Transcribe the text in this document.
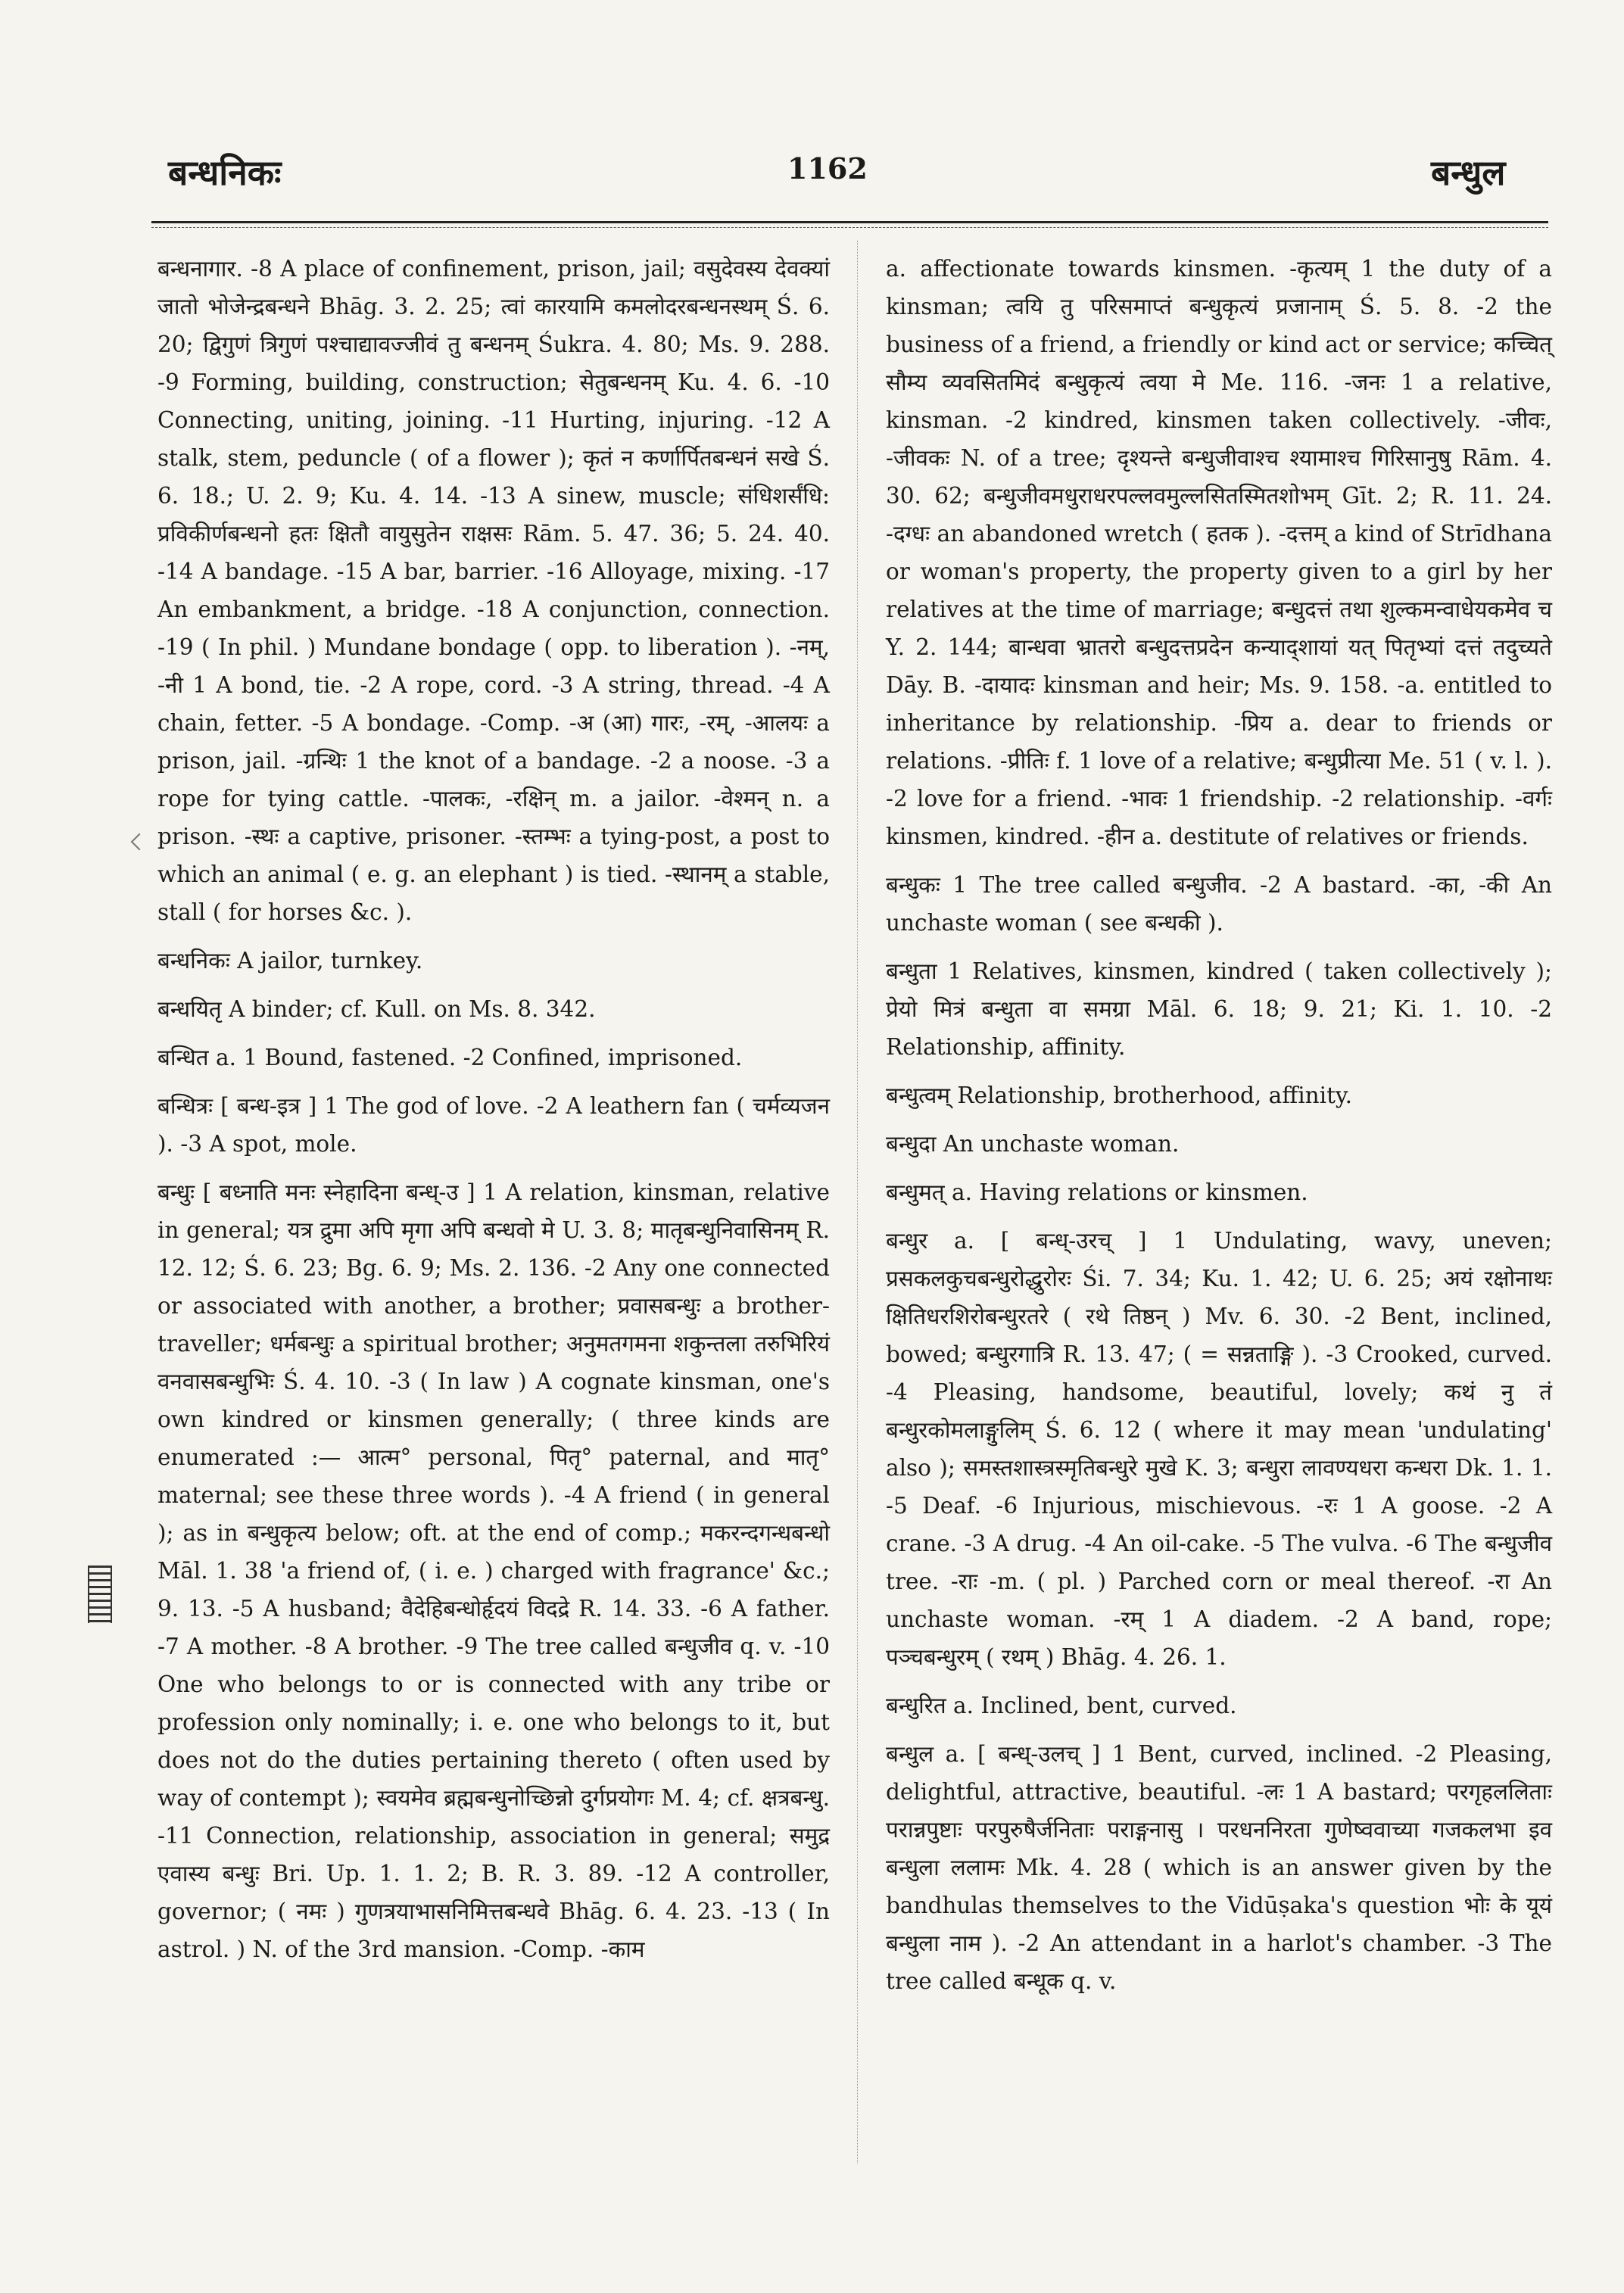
बन्धनिकः	1162	बन्धुल

बन्धनागार. -8 A place of confinement, prison, jail; वसुदेवस्य देवक्यां जातो भोजेन्द्रबन्धने Bhāg. 3. 2. 25; त्वां कारयामि कमलोदरबन्धनस्थम् Ś. 6. 20; द्विगुणं त्रिगुणं पश्चाद्यावज्जीवं तु बन्धनम् Śukra. 4. 80; Ms. 9. 288. -9 Forming, building, construction; सेतुबन्धनम् Ku. 4. 6. -10 Connecting, uniting, joining. -11 Hurting, injuring. -12 A stalk, stem, peduncle ( of a flower ); कृतं न कर्णार्पितबन्धनं सखे Ś. 6. 18.; U. 2. 9; Ku. 4. 14. -13 A sinew, muscle; संधिशर्संधि: प्रविकीर्णबन्धनो हतः क्षितौ वायुसुतेन राक्षसः Rām. 5. 47. 36; 5. 24. 40. -14 A bandage. -15 A bar, barrier. -16 Alloyage, mixing. -17 An embankment, a bridge. -18 A conjunction, connection. -19 ( In phil. ) Mundane bondage ( opp. to liberation ). -नम्, -नी 1 A bond, tie. -2 A rope, cord. -3 A string, thread. -4 A chain, fetter. -5 A bondage. -Comp. -अ (आ) गारः, -रम्, -आलयः a prison, jail. -ग्रन्थिः 1 the knot of a bandage. -2 a noose. -3 a rope for tying cattle. -पालकः, -रक्षिन् m. a jailor. -वेश्मन् n. a prison. -स्थः a captive, prisoner. -स्तम्भः a tying-post, a post to which an animal ( e. g. an elephant ) is tied. -स्थानम् a stable, stall ( for horses &c. ).

बन्धनिकः A jailor, turnkey.

बन्धयितृ A binder; cf. Kull. on Ms. 8. 342.

बन्धित a. 1 Bound, fastened. -2 Confined, imprisoned.

बन्धित्रः [ बन्ध-इत्र ] 1 The god of love. -2 A leathern fan ( चर्मव्यजन ). -3 A spot, mole.

बन्धुः [ बध्नाति मनः स्नेहादिना बन्ध्-उ ] 1 A relation, kinsman, relative in general; यत्र द्रुमा अपि मृगा अपि बन्धवो मे U. 3. 8; मातृबन्धुनिवासिनम् R. 12. 12; Ś. 6. 23; Bg. 6. 9; Ms. 2. 136. -2 Any one connected or associated with another, a brother; प्रवासबन्धुः a brother-traveller; धर्मबन्धुः a spiritual brother; अनुमतगमना शकुन्तला तरुभिरियं वनवासबन्धुभिः Ś. 4. 10. -3 ( In law ) A cognate kinsman, one's own kindred or kinsmen generally; ( three kinds are enumerated :— आत्म° personal, पितृ° paternal, and मातृ° maternal; see these three words ). -4 A friend ( in general ); as in बन्धुकृत्य below; oft. at the end of comp.; मकरन्दगन्धबन्धो Māl. 1. 38 'a friend of, ( i. e. ) charged with fragrance' &c.; 9. 13. -5 A husband; वैदेहिबन्धोर्हृदयं विदद्रे R. 14. 33. -6 A father. -7 A mother. -8 A brother. -9 The tree called बन्धुजीव q. v. -10 One who belongs to or is connected with any tribe or profession only nominally; i. e. one who belongs to it, but does not do the duties pertaining thereto ( often used by way of contempt ); स्वयमेव ब्रह्मबन्धुनोच्छिन्नो दुर्गप्रयोगः M. 4; cf. क्षत्रबन्धु. -11 Connection, relationship, association in general; समुद्र एवास्य बन्धुः Bri. Up. 1. 1. 2; B. R. 3. 89. -12 A controller, governor; ( नमः ) गुणत्रयाभासनिमित्तबन्धवे Bhāg. 6. 4. 23. -13 ( In astrol. ) N. of the 3rd mansion. -Comp. -काम

a. affectionate towards kinsmen. -कृत्यम् 1 the duty of a kinsman; त्वयि तु परिसमाप्तं बन्धुकृत्यं प्रजानाम् Ś. 5. 8. -2 the business of a friend, a friendly or kind act or service; कच्चित् सौम्य व्यवसितमिदं बन्धुकृत्यं त्वया मे Me. 116. -जनः 1 a relative, kinsman. -2 kindred, kinsmen taken collectively. -जीवः, -जीवकः N. of a tree; दृश्यन्ते बन्धुजीवाश्च श्यामाश्च गिरिसानुषु Rām. 4. 30. 62; बन्धुजीवमधुराधरपल्लवमुल्लसितस्मितशोभम् Gīt. 2; R. 11. 24. -दग्धः an abandoned wretch ( हतक ). -दत्तम् a kind of Strīdhana or woman's property, the property given to a girl by her relatives at the time of marriage; बन्धुदत्तं तथा शुल्कमन्वाधेयकमेव च Y. 2. 144; बान्धवा भ्रातरो बन्धुदत्तप्रदेन कन्याद्शायां यत् पितृभ्यां दत्तं तदुच्यते Dāy. B. -दायादः kinsman and heir; Ms. 9. 158. -a. entitled to inheritance by relationship. -प्रिय a. dear to friends or relations. -प्रीतिः f. 1 love of a relative; बन्धुप्रीत्या Me. 51 ( v. l. ). -2 love for a friend. -भावः 1 friendship. -2 relationship. -वर्गः kinsmen, kindred. -हीन a. destitute of relatives or friends.

बन्धुकः 1 The tree called बन्धुजीव. -2 A bastard. -का, -की An unchaste woman ( see बन्धकी ).

बन्धुता 1 Relatives, kinsmen, kindred ( taken collectively ); प्रेयो मित्रं बन्धुता वा समग्रा Māl. 6. 18; 9. 21; Ki. 1. 10. -2 Relationship, affinity.

बन्धुत्वम् Relationship, brotherhood, affinity.

बन्धुदा An unchaste woman.

बन्धुमत् a. Having relations or kinsmen.

बन्धुर a. [ बन्ध्-उरच् ] 1 Undulating, wavy, uneven; प्रसकलकुचबन्धुरोद्धुरोरः Śi. 7. 34; Ku. 1. 42; U. 6. 25; अयं रक्षोनाथः क्षितिधरशिरोबन्धुरतरे ( रथे तिष्ठन् ) Mv. 6. 30. -2 Bent, inclined, bowed; बन्धुरगात्रि R. 13. 47; ( = सन्नताङ्गि ). -3 Crooked, curved. -4 Pleasing, handsome, beautiful, lovely; कथं नु तं बन्धुरकोमलाङ्गुलिम् Ś. 6. 12 ( where it may mean 'undulating' also ); समस्तशास्त्रस्मृतिबन्धुरे मुखे K. 3; बन्धुरा लावण्यधरा कन्धरा Dk. 1. 1. -5 Deaf. -6 Injurious, mischievous. -रः 1 A goose. -2 A crane. -3 A drug. -4 An oil-cake. -5 The vulva. -6 The बन्धुजीव tree. -राः -m. ( pl. ) Parched corn or meal thereof. -रा An unchaste woman. -रम् 1 A diadem. -2 A band, rope; पञ्चबन्धुरम् ( रथम् ) Bhāg. 4. 26. 1.

बन्धुरित a. Inclined, bent, curved.

बन्धुल a. [ बन्ध्-उलच् ] 1 Bent, curved, inclined. -2 Pleasing, delightful, attractive, beautiful. -लः 1 A bastard; परगृहललिताः परान्नपुष्टाः परपुरुषैर्जनिताः पराङ्गनासु । परधननिरता गुणेष्ववाच्या गजकलभा इव बन्धुला ललामः Mk. 4. 28 ( which is an answer given by the bandhulas themselves to the Vidūṣaka's question भोः के यूयं बन्धुला नाम ). -2 An attendant in a harlot's chamber. -3 The tree called बन्धूक q. v.
